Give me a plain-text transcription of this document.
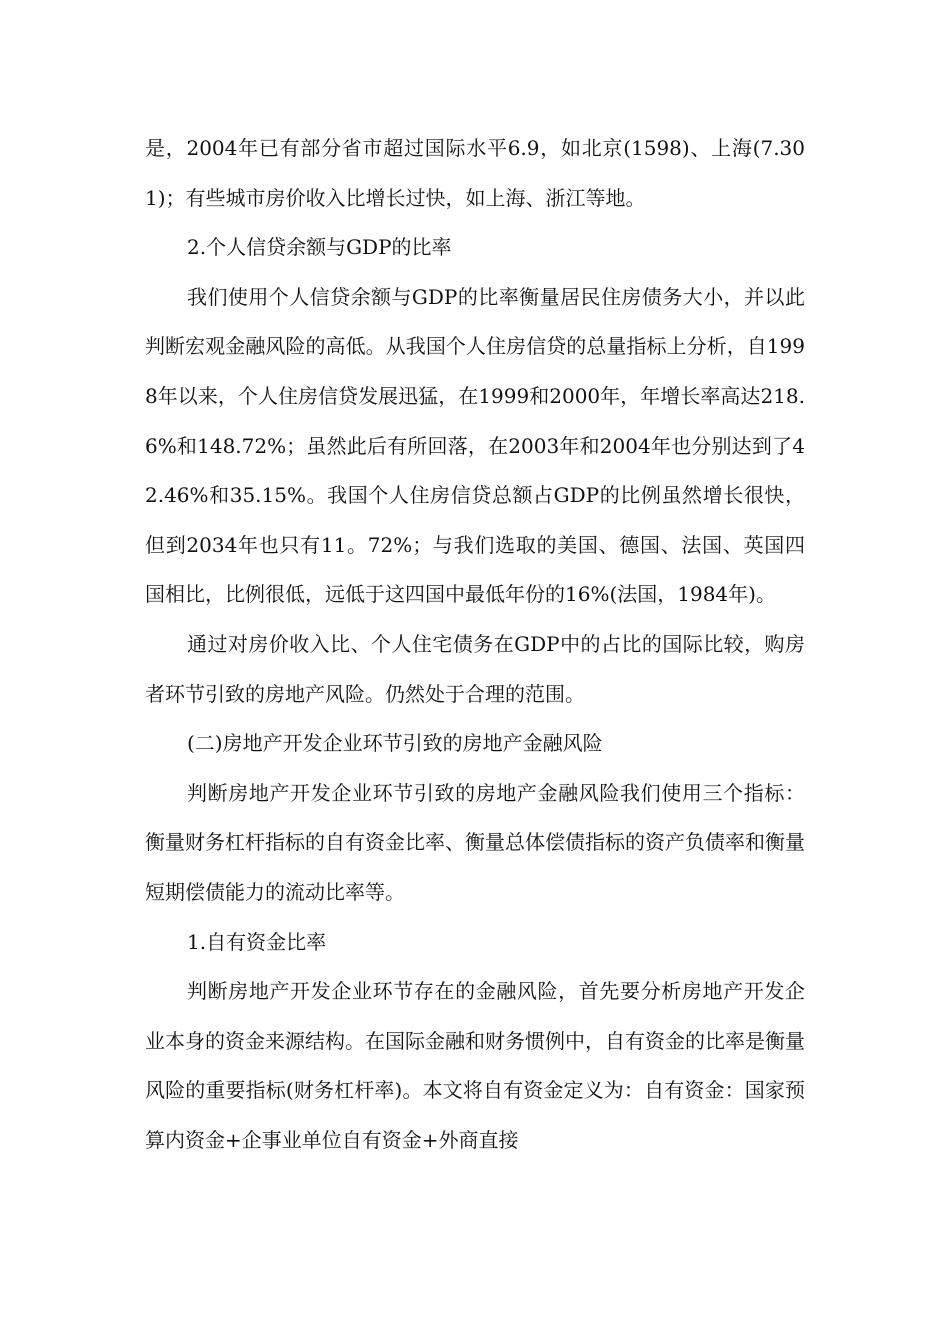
是，2004年已有部分省市超过国际水平6.9，如北京(1598)、上海(7.301)；有些城市房价收入比增长过快，如上海、浙江等地。

2.个人信贷余额与GDP的比率

我们使用个人信贷余额与GDP的比率衡量居民住房债务大小，并以此判断宏观金融风险的高低。从我国个人住房信贷的总量指标上分析，自1998年以来，个人住房信贷发展迅猛，在1999和2000年，年增长率高达218.6%和148.72%；虽然此后有所回落，在2003年和2004年也分别达到了42.46%和35.15%。我国个人住房信贷总额占GDP的比例虽然增长很快，但到2034年也只有11。72%；与我们选取的美国、德国、法国、英国四国相比，比例很低，远低于这四国中最低年份的16%(法国，1984年)。

通过对房价收入比、个人住宅债务在GDP中的占比的国际比较，购房者环节引致的房地产风险。仍然处于合理的范围。

(二)房地产开发企业环节引致的房地产金融风险

判断房地产开发企业环节引致的房地产金融风险我们使用三个指标：衡量财务杠杆指标的自有资金比率、衡量总体偿债指标的资产负债率和衡量短期偿债能力的流动比率等。

1.自有资金比率

判断房地产开发企业环节存在的金融风险，首先要分析房地产开发企业本身的资金来源结构。在国际金融和财务惯例中，自有资金的比率是衡量风险的重要指标(财务杠杆率)。本文将自有资金定义为：自有资金：国家预算内资金+企事业单位自有资金+外商直接
